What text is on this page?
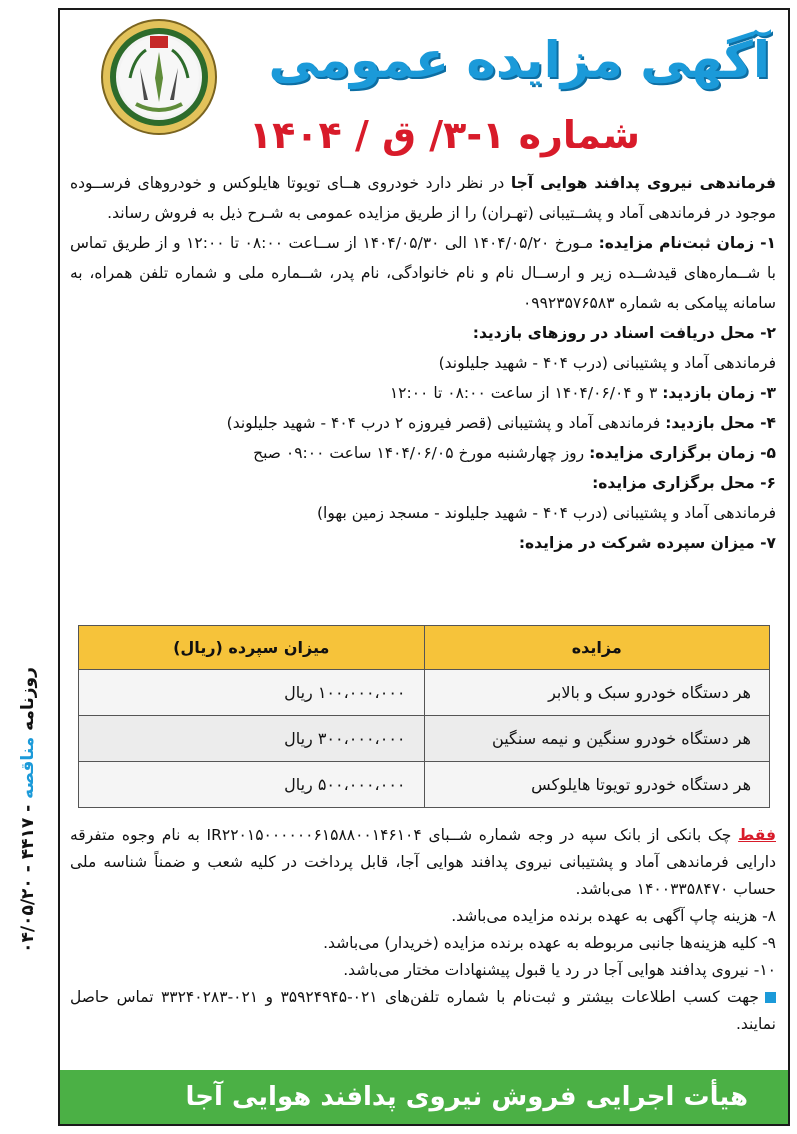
آگهی مزایده عمومی
شماره ۱-۳/ ق / ۱۴۰۴

فرماندهی نیروی پدافند هوایی آجا در نظر دارد خودروی هــای تویوتا هایلوکس و خودروهای فرســوده موجود در فرماندهی آماد و پشــتیبانی (تهـران) را از طریق مزایده عمومی به شـرح ذیل به فروش رساند.

۱- زمان ثبت‌نام مزایده: مـورخ ۱۴۰۴/۰۵/۲۰ الی ۱۴۰۴/۰۵/۳۰ از ســاعت ۰۸:۰۰ تا ۱۲:۰۰ و از طریق تماس با شــماره‌های قیدشــده زیر و ارســال نام و نام خانوادگی، نام پدر، شــماره ملی و شماره تلفن همراه، به سامانه پیامکی به شماره ۰۹۹۲۳۵۷۶۵۸۳

۲- محل دریافت اسناد در روزهای بازدید:

فرماندهی آماد و پشتیبانی (درب ۴۰۴ - شهید جلیلوند)

۳- زمان بازدید: ۳ و ۱۴۰۴/۰۶/۰۴ از ساعت ۰۸:۰۰ تا ۱۲:۰۰

۴- محل بازدید: فرماندهی آماد و پشتیبانی (قصر فیروزه ۲ درب ۴۰۴ - شهید جلیلوند)

۵- زمان برگزاری مزایده: روز چهارشنبه مورخ ۱۴۰۴/۰۶/۰۵ ساعت ۰۹:۰۰ صبح

۶- محل برگزاری مزایده:

فرماندهی آماد و پشتیبانی (درب ۴۰۴ - شهید جلیلوند - مسجد زمین بهوا)

۷- میزان سپرده شرکت در مزایده:

مزایده	میزان سپرده (ریال)
هر دستگاه خودرو سبک و بالابر	۱۰۰،۰۰۰،۰۰۰ ریال
هر دستگاه خودرو سنگین و نیمه سنگین	۳۰۰،۰۰۰،۰۰۰ ریال
هر دستگاه خودرو تویوتا هایلوکس	۵۰۰،۰۰۰،۰۰۰ ریال

فقط چک بانکی از بانک سپه در وجه شماره شــبای IR۲۲۰۱۵۰۰۰۰۰۰۶۱۵۸۸۰۰۱۴۶۱۰۴ به نام وجوه متفرقه دارایی فرماندهی آماد و پشتیبانی نیروی پدافند هوایی آجا، قابل پرداخت در کلیه شعب و ضمناً شناسه ملی حساب ۱۴۰۰۳۳۵۸۴۷۰ می‌باشد.

۸- هزینه چاپ آگهی به عهده برنده مزایده می‌باشد.

۹- کلیه هزینه‌ها جانبی مربوطه به عهده برنده مزایده (خریدار) می‌باشد.

۱۰- نیروی پدافند هوایی آجا در رد یا قبول پیشنهادات مختار می‌باشد.

جهت کسب اطلاعات بیشتر و ثبت‌نام با شماره تلفن‌های ۰۲۱-۳۵۹۲۴۹۴۵ و ۰۲۱-۳۳۲۴۰۲۸۳ تماس حاصل نمایند.

هیأت اجرایی فروش نیروی پدافند هوایی آجا
روزنامه مناقصه - ۴۴۱۷ - ۰۴/۰۵/۲۰
